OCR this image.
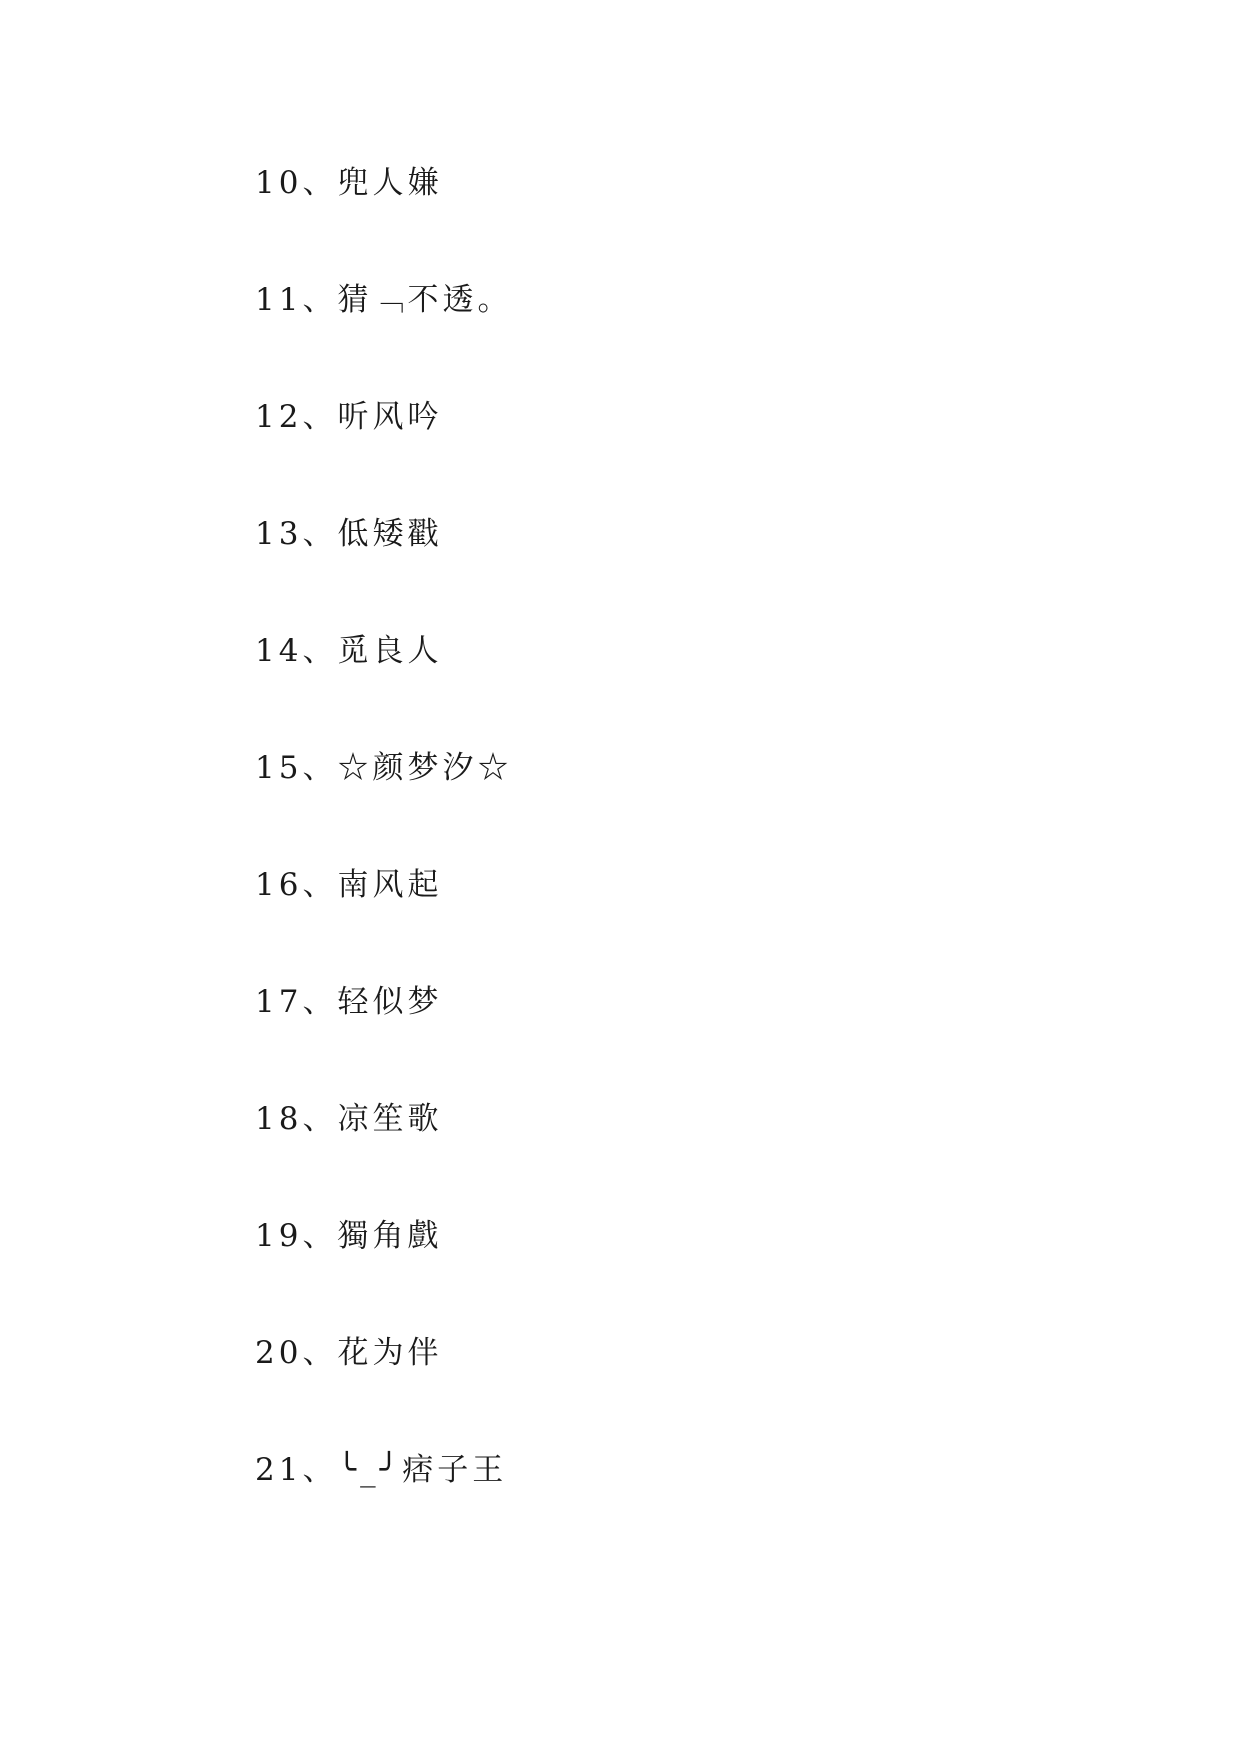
10、兜人嫌
11、猜﹁不透。
12、听风吟
13、低矮戳
14、觅良人
15、☆颜梦汐☆
16、南风起
17、轻似梦
18、凉笙歌
19、獨角戲
20、花为伴
21、╰_╯痞子王
